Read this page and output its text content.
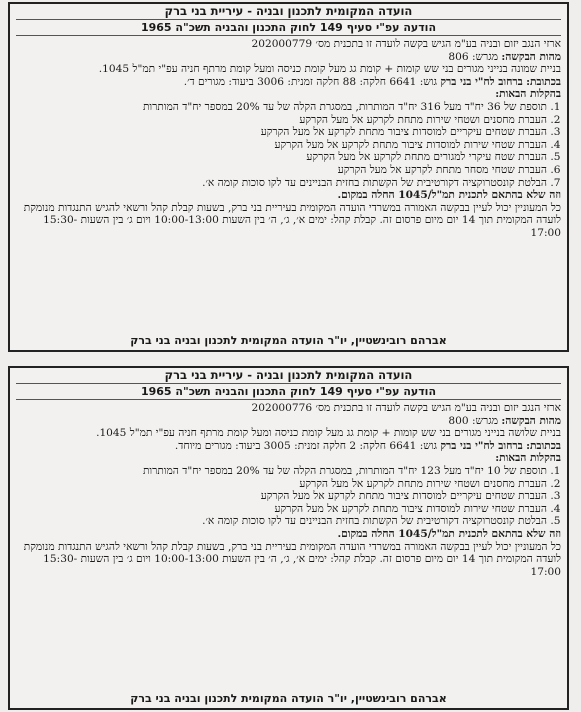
הועדה המקומית לתכנון ובניה - עיריית בני ברק
הודעה עפ"י סעיף 149 לחוק התכנון והבניה תשכ"ה 1965

ארזי הנגב יזום ובניה בע"מ הגיש בקשה לועדה זו בתכנית מס׳ 202000779

מהות הבקשה: מגרש: 806

בניית שמונה בנייני מגורים בני שש קומות + קומת גג מעל קומת כניסה ומעל קומת מרתף חניה עפ"י תמ"ל 1045.

בכתובת: ברחוב לח"י בני ברק גוש: 6641 חלקה: 88 חלקה זמנית: 3006 ביעוד: מגורים ד׳.

בהקלות הבאות:

1. תוספת של 36 יח"ד מעל 316 יח"ד המותרות, במסגרת הקלה של עד 20% במספר יח"ד המותרות
2. העברת מחסנים ושטחי שירות מתחת לקרקע אל מעל הקרקע
3. העברת שטחים עיקריים למוסדות ציבור מתחת לקרקע אל מעל הקרקע
4. העברת שטחי שירות למוסדות ציבור מתחת לקרקע אל מעל הקרקע
5. העברת שטח עיקרי למגורים מתחת לקרקע אל מעל הקרקע
6. העברת שטחי מסחר מתחת לקרקע אל מעל הקרקע
7. הבלטת קונסטרוקציה דקורטיבית של הקשתות בחזית הבניינים עד לקו סוכות קומה א׳.

וזה שלא בהתאם לתכנית תמ"ל/1045 החלה במקום.

כל המעוניין יכול לעיין בבקשה האמורה במשרדי הועדה המקומית בעיריית בני ברק, בשעות קבלת קהל ורשאי להגיש התנגדות מנומקת לועדה המקומית תוך 14 יום מיום פרסום זה. קבלת קהל: ימים א׳, ג׳, ה׳ בין השעות 10:00-13:00 ויום ג׳ בין השעות 15:30-17:00

אברהם רובינשטיין, יו"ר הועדה המקומית לתכנון ובניה בני ברק
הועדה המקומית לתכנון ובניה - עיריית בני ברק
הודעה עפ"י סעיף 149 לחוק התכנון והבניה תשכ"ה 1965

ארזי הנגב יזום ובניה בע"מ הגיש בקשה לועדה זו בתכנית מס׳ 202000776

מהות הבקשה: מגרש: 800

בניית שלושה בנייני מגורים בני שש קומות + קומת גג מעל קומת כניסה ומעל קומת מרתף חניה עפ"י תמ"ל 1045.

בכתובת: ברחוב לח"י בני ברק גוש: 6641 חלקה: 2 חלקה זמנית: 3005 ביעוד: מגורים מיוחד.

בהקלות הבאות:

1. תוספת של 10 יח"ד מעל 123 יח"ד המותרות, במסגרת הקלה של עד 20% במספר יח"ד המותרות
2. העברת מחסנים ושטחי שירות מתחת לקרקע אל מעל הקרקע
3. העברת שטחים עיקריים למוסדות ציבור מתחת לקרקע אל מעל הקרקע
4. העברת שטחי שירות למוסדות ציבור מתחת לקרקע אל מעל הקרקע
5. הבלטת קונסטרוקציה דקורטיבית של הקשתות בחזית הבניינים עד לקו סוכות קומה א׳.

וזה שלא בהתאם לתכנית תמ"ל/1045 החלה במקום.

כל המעוניין יכול לעיין בבקשה האמורה במשרדי הועדה המקומית בעיריית בני ברק, בשעות קבלת קהל ורשאי להגיש התנגדות מנומקת לועדה המקומית תוך 14 יום מיום פרסום זה. קבלת קהל: ימים א׳, ג׳, ה׳ בין השעות 10:00-13:00 ויום ג׳ בין השעות 15:30-17:00

אברהם רובינשטיין, יו"ר הועדה המקומית לתכנון ובניה בני ברק
